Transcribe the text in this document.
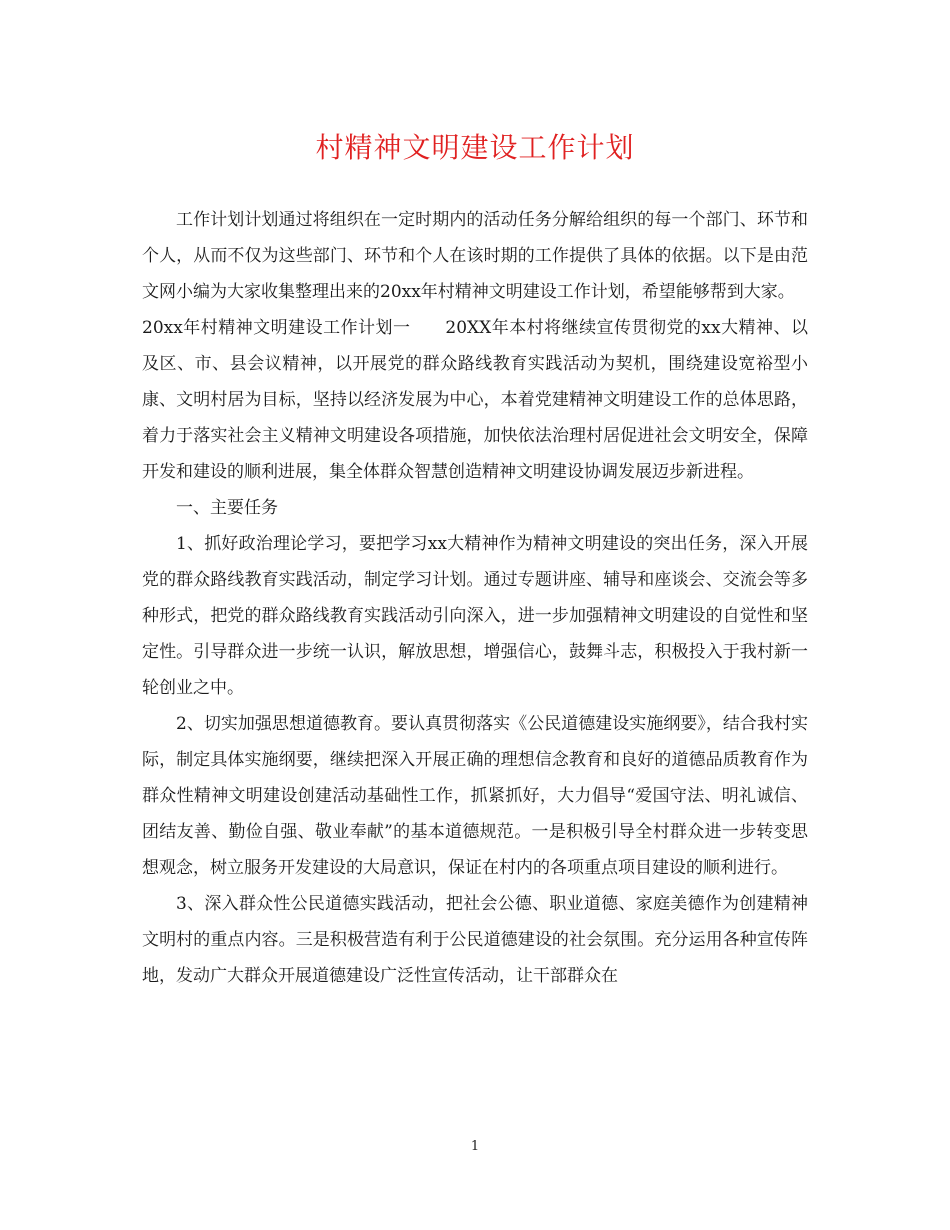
村精神文明建设工作计划

工作计划计划通过将组织在一定时期内的活动任务分解给组织的每一个部门、环节和个人，从而不仅为这些部门、环节和个人在该时期的工作提供了具体的依据。以下是由范文网小编为大家收集整理出来的20xx年村精神文明建设工作计划，希望能够帮到大家。

20xx年村精神文明建设工作计划一　　20XX年本村将继续宣传贯彻党的xx大精神、以及区、市、县会议精神，以开展党的群众路线教育实践活动为契机，围绕建设宽裕型小康、文明村居为目标，坚持以经济发展为中心，本着党建精神文明建设工作的总体思路，着力于落实社会主义精神文明建设各项措施，加快依法治理村居促进社会文明安全，保障开发和建设的顺利进展，集全体群众智慧创造精神文明建设协调发展迈步新进程。

一、主要任务

1、抓好政治理论学习，要把学习xx大精神作为精神文明建设的突出任务，深入开展党的群众路线教育实践活动，制定学习计划。通过专题讲座、辅导和座谈会、交流会等多种形式，把党的群众路线教育实践活动引向深入，进一步加强精神文明建设的自觉性和坚定性。引导群众进一步统一认识，解放思想，增强信心，鼓舞斗志，积极投入于我村新一轮创业之中。

2、切实加强思想道德教育。要认真贯彻落实《公民道德建设实施纲要》，结合我村实际，制定具体实施纲要，继续把深入开展正确的理想信念教育和良好的道德品质教育作为群众性精神文明建设创建活动基础性工作，抓紧抓好，大力倡导“爱国守法、明礼诚信、团结友善、勤俭自强、敬业奉献”的基本道德规范。一是积极引导全村群众进一步转变思想观念，树立服务开发建设的大局意识，保证在村内的各项重点项目建设的顺利进行。

3、深入群众性公民道德实践活动，把社会公德、职业道德、家庭美德作为创建精神文明村的重点内容。三是积极营造有利于公民道德建设的社会氛围。充分运用各种宣传阵地，发动广大群众开展道德建设广泛性宣传活动，让干部群众在

1
